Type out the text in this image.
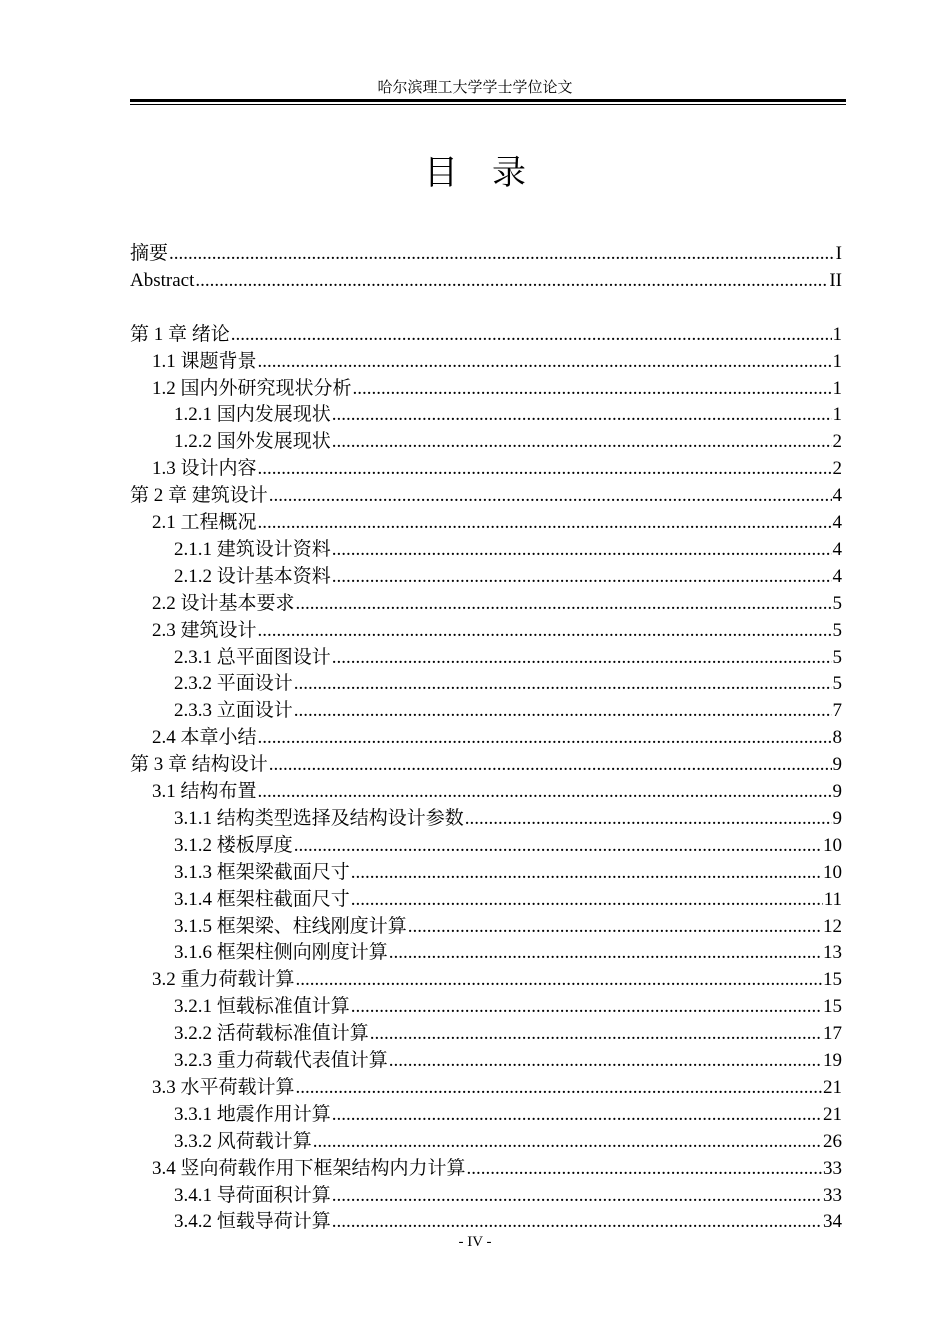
哈尔滨理工大学学士学位论文
目录
摘要 .....	I
Abstract .....	II
第 1 章 绪论 .....	1
1.1 课题背景 .....	1
1.2 国内外研究现状分析 .....	1
1.2.1 国内发展现状 .....	1
1.2.2 国外发展现状 .....	2
1.3 设计内容 .....	2
第 2 章 建筑设计 .....	4
2.1 工程概况 .....	4
2.1.1 建筑设计资料 .....	4
2.1.2 设计基本资料 .....	4
2.2 设计基本要求 .....	5
2.3 建筑设计 .....	5
2.3.1 总平面图设计 .....	5
2.3.2 平面设计 .....	5
2.3.3 立面设计 .....	7
2.4 本章小结 .....	8
第 3 章 结构设计 .....	9
3.1 结构布置 .....	9
3.1.1 结构类型选择及结构设计参数 .....	9
3.1.2 楼板厚度 .....	10
3.1.3 框架梁截面尺寸 .....	10
3.1.4 框架柱截面尺寸 .....	11
3.1.5 框架梁、柱线刚度计算 .....	12
3.1.6 框架柱侧向刚度计算 .....	13
3.2 重力荷载计算 .....	15
3.2.1 恒载标准值计算 .....	15
3.2.2 活荷载标准值计算 .....	17
3.2.3 重力荷载代表值计算 .....	19
3.3 水平荷载计算 .....	21
3.3.1 地震作用计算 .....	21
3.3.2 风荷载计算 .....	26
3.4 竖向荷载作用下框架结构内力计算 .....	33
3.4.1 导荷面积计算 .....	33
3.4.2 恒载导荷计算 .....	34
- IV -
